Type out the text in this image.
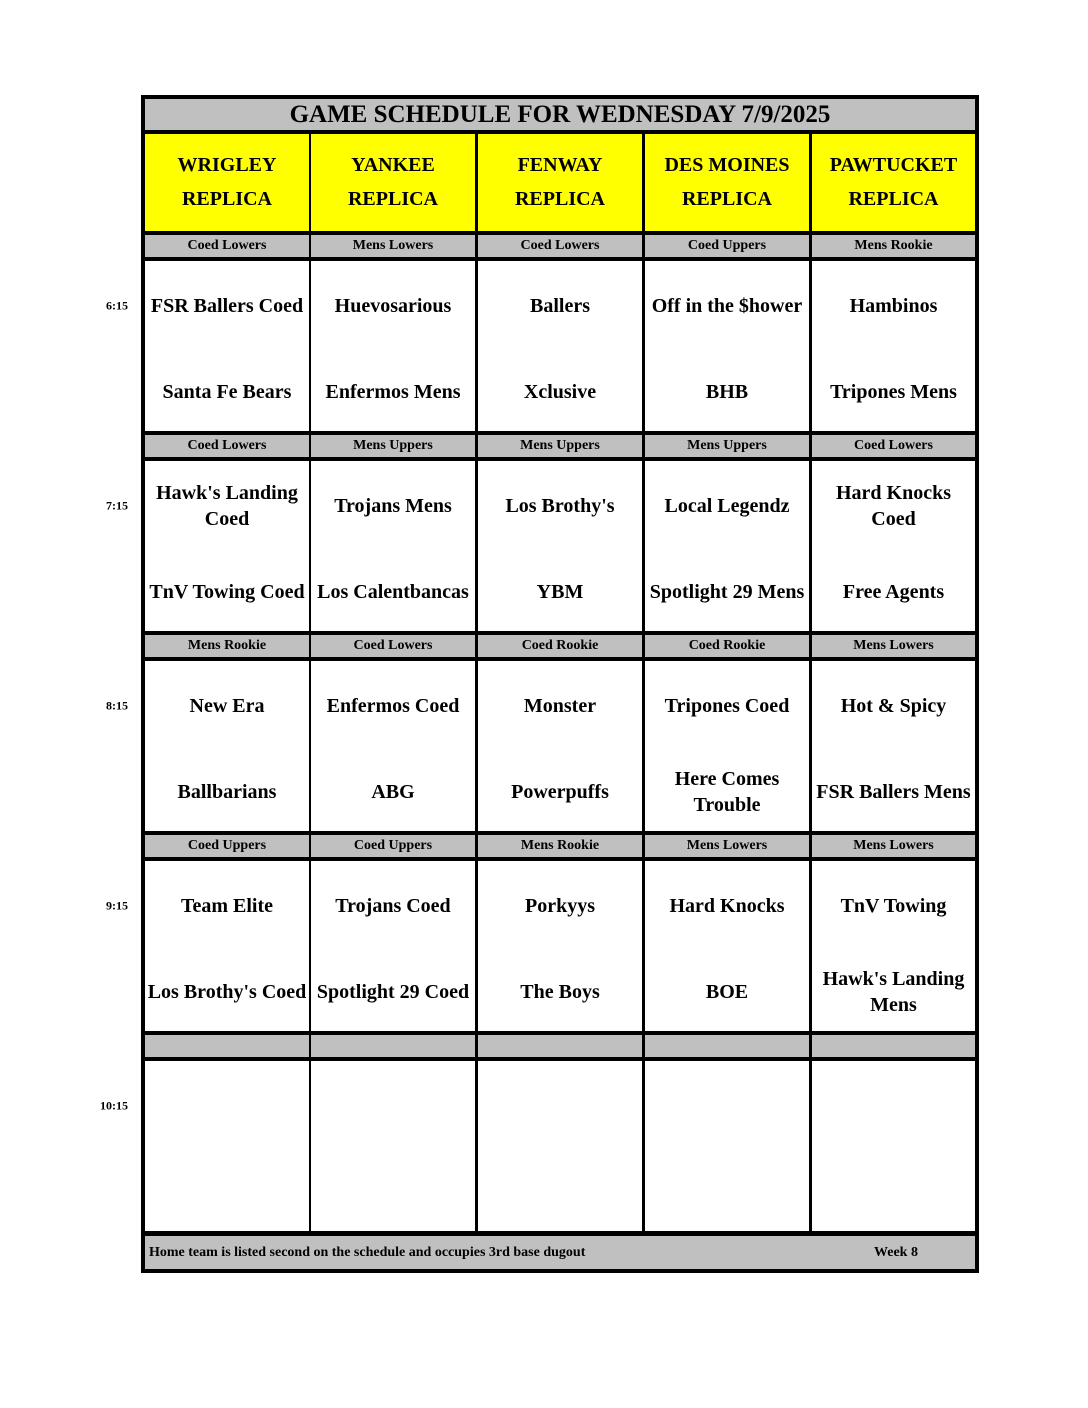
GAME SCHEDULE FOR WEDNESDAY 7/9/2025
WRIGLEY
REPLICA
YANKEE
REPLICA
FENWAY
REPLICA
DES MOINES
REPLICA
PAWTUCKET
REPLICA
Coed Lowers
FSR Ballers Coed
Santa Fe Bears
Mens Lowers
Huevosarious
Enfermos Mens
Coed Lowers
Ballers
Xclusive
Coed Uppers
Off in the $hower
BHB
Mens Rookie
Hambinos
Tripones Mens
Coed Lowers
Hawk's Landing Coed
TnV Towing Coed
Mens Uppers
Trojans Mens
Los Calentbancas
Mens Uppers
Los Brothy's
YBM
Mens Uppers
Local Legendz
Spotlight 29 Mens
Coed Lowers
Hard Knocks Coed
Free Agents
Mens Rookie
New Era
Ballbarians
Coed Lowers
Enfermos Coed
ABG
Coed Rookie
Monster
Powerpuffs
Coed Rookie
Tripones Coed
Here Comes Trouble
Mens Lowers
Hot & Spicy
FSR Ballers Mens
Coed Uppers
Team Elite
Los Brothy's Coed
Coed Uppers
Trojans Coed
Spotlight 29 Coed
Mens Rookie
Porkyys
The Boys
Mens Lowers
Hard Knocks
BOE
Mens Lowers
TnV Towing
Hawk's Landing Mens
Home team is listed second on the schedule and occupies 3rd base dugout	Week 8
6:15
7:15
8:15
9:15
10:15
